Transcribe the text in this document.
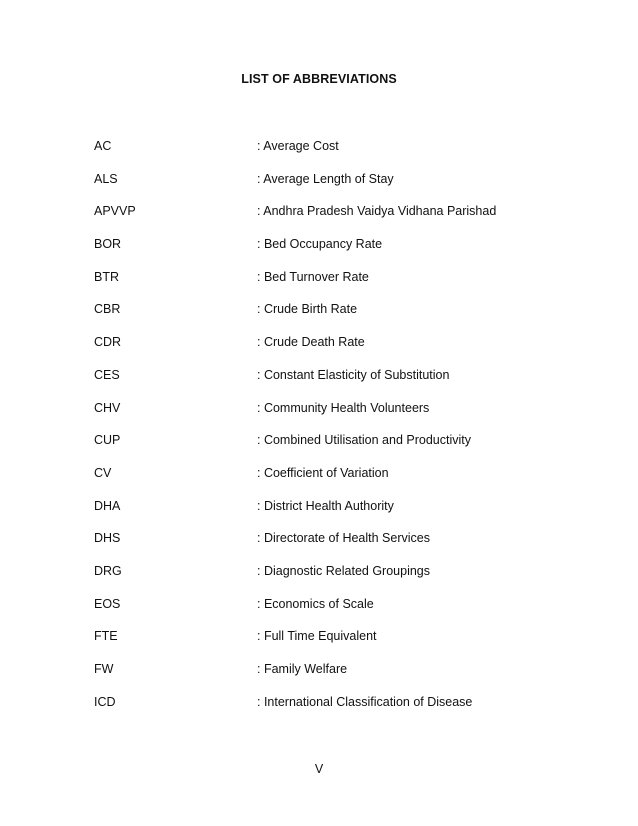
LIST OF ABBREVIATIONS
AC	: Average Cost
ALS	: Average Length of Stay
APVVP	: Andhra Pradesh Vaidya Vidhana Parishad
BOR	: Bed Occupancy Rate
BTR	: Bed Turnover Rate
CBR	: Crude Birth Rate
CDR	: Crude Death Rate
CES	: Constant Elasticity of Substitution
CHV	: Community Health Volunteers
CUP	: Combined Utilisation and Productivity
CV	: Coefficient of Variation
DHA	: District Health Authority
DHS	: Directorate of Health Services
DRG	: Diagnostic Related Groupings
EOS	: Economics of Scale
FTE	: Full Time Equivalent
FW	: Family Welfare
ICD	: International Classification of Disease
V
